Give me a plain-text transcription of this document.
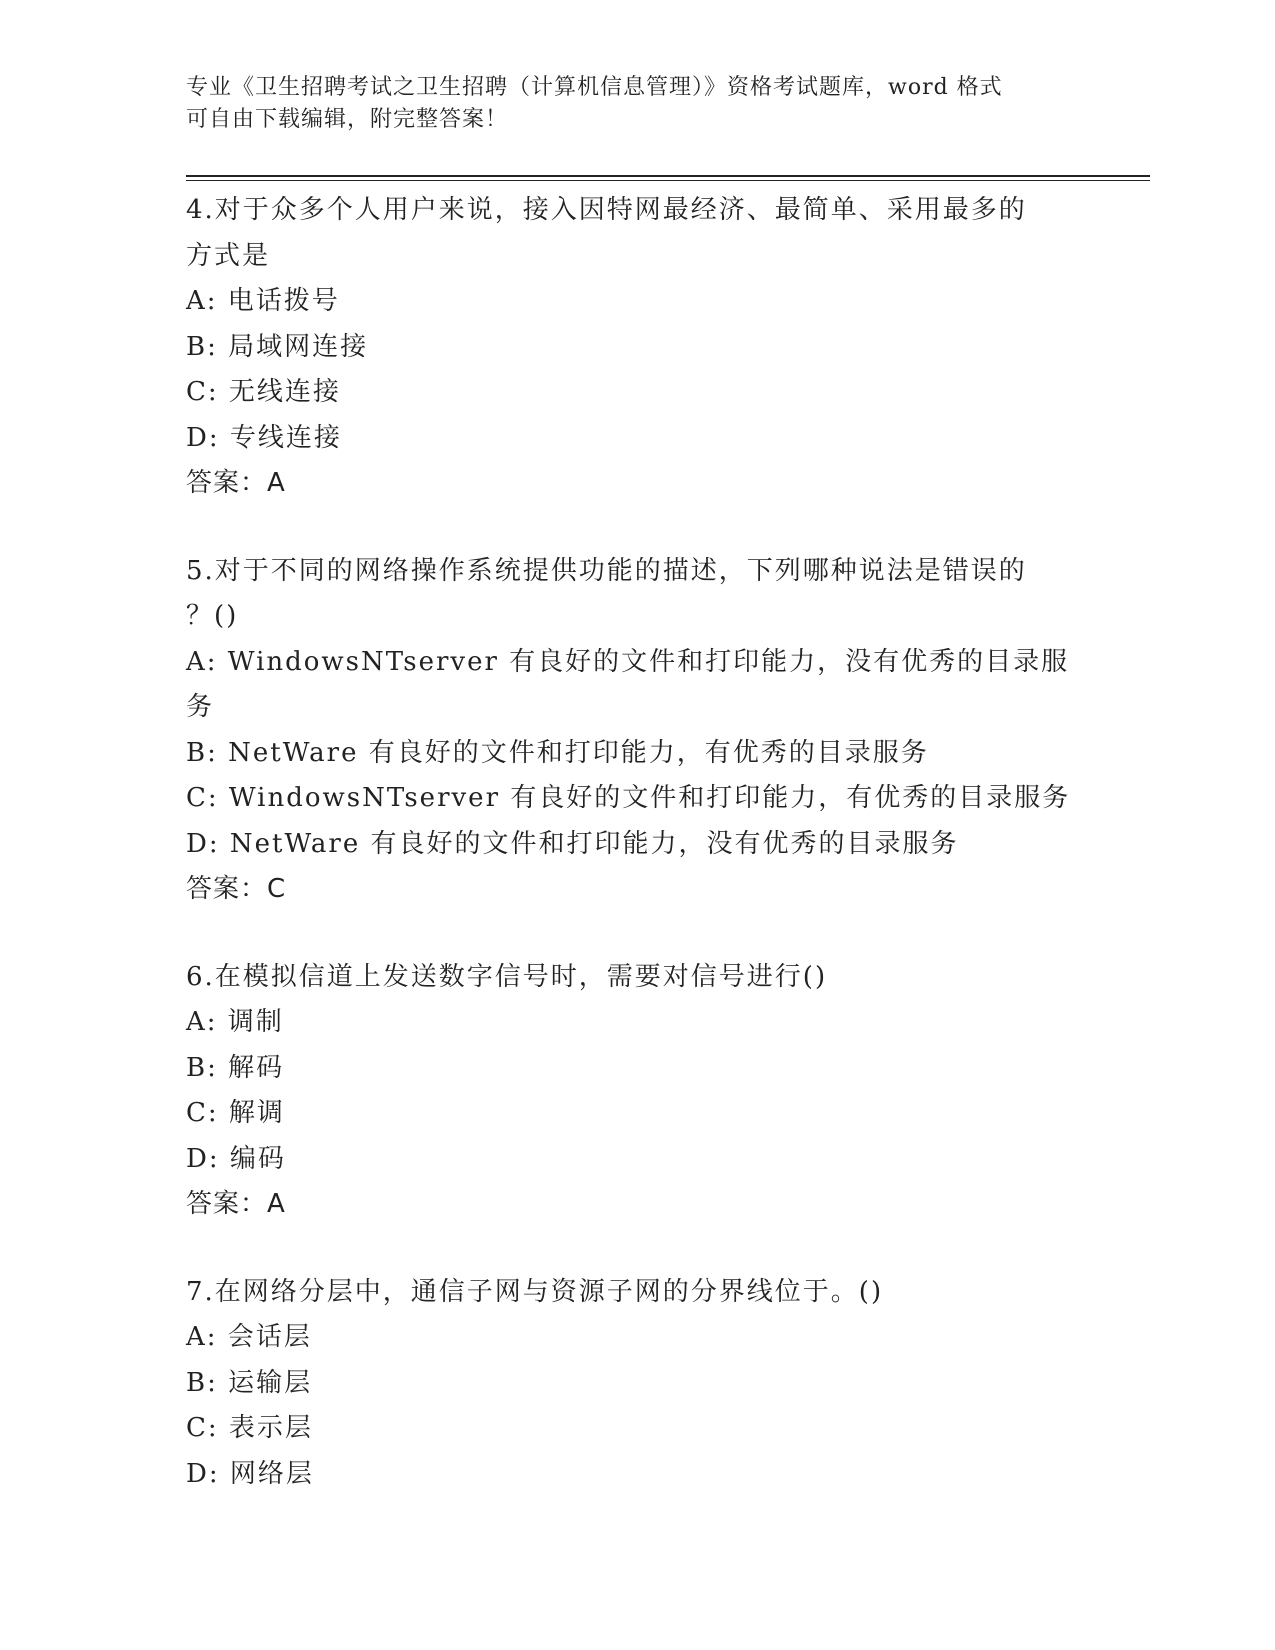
专业《卫生招聘考试之卫生招聘（计算机信息管理）》资格考试题库，word 格式
可自由下载编辑，附完整答案！
4.对于众多个人用户来说，接入因特网最经济、最简单、采用最多的
方式是
A: 电话拨号
B: 局域网连接
C: 无线连接
D: 专线连接
答案：A
5.对于不同的网络操作系统提供功能的描述，下列哪种说法是错误的
？()
A: WindowsNTserver 有良好的文件和打印能力，没有优秀的目录服务
B: NetWare 有良好的文件和打印能力，有优秀的目录服务
C: WindowsNTserver 有良好的文件和打印能力，有优秀的目录服务
D: NetWare 有良好的文件和打印能力，没有优秀的目录服务
答案：C
6.在模拟信道上发送数字信号时，需要对信号进行()
A: 调制
B: 解码
C: 解调
D: 编码
答案：A
7.在网络分层中，通信子网与资源子网的分界线位于。()
A: 会话层
B: 运输层
C: 表示层
D: 网络层
